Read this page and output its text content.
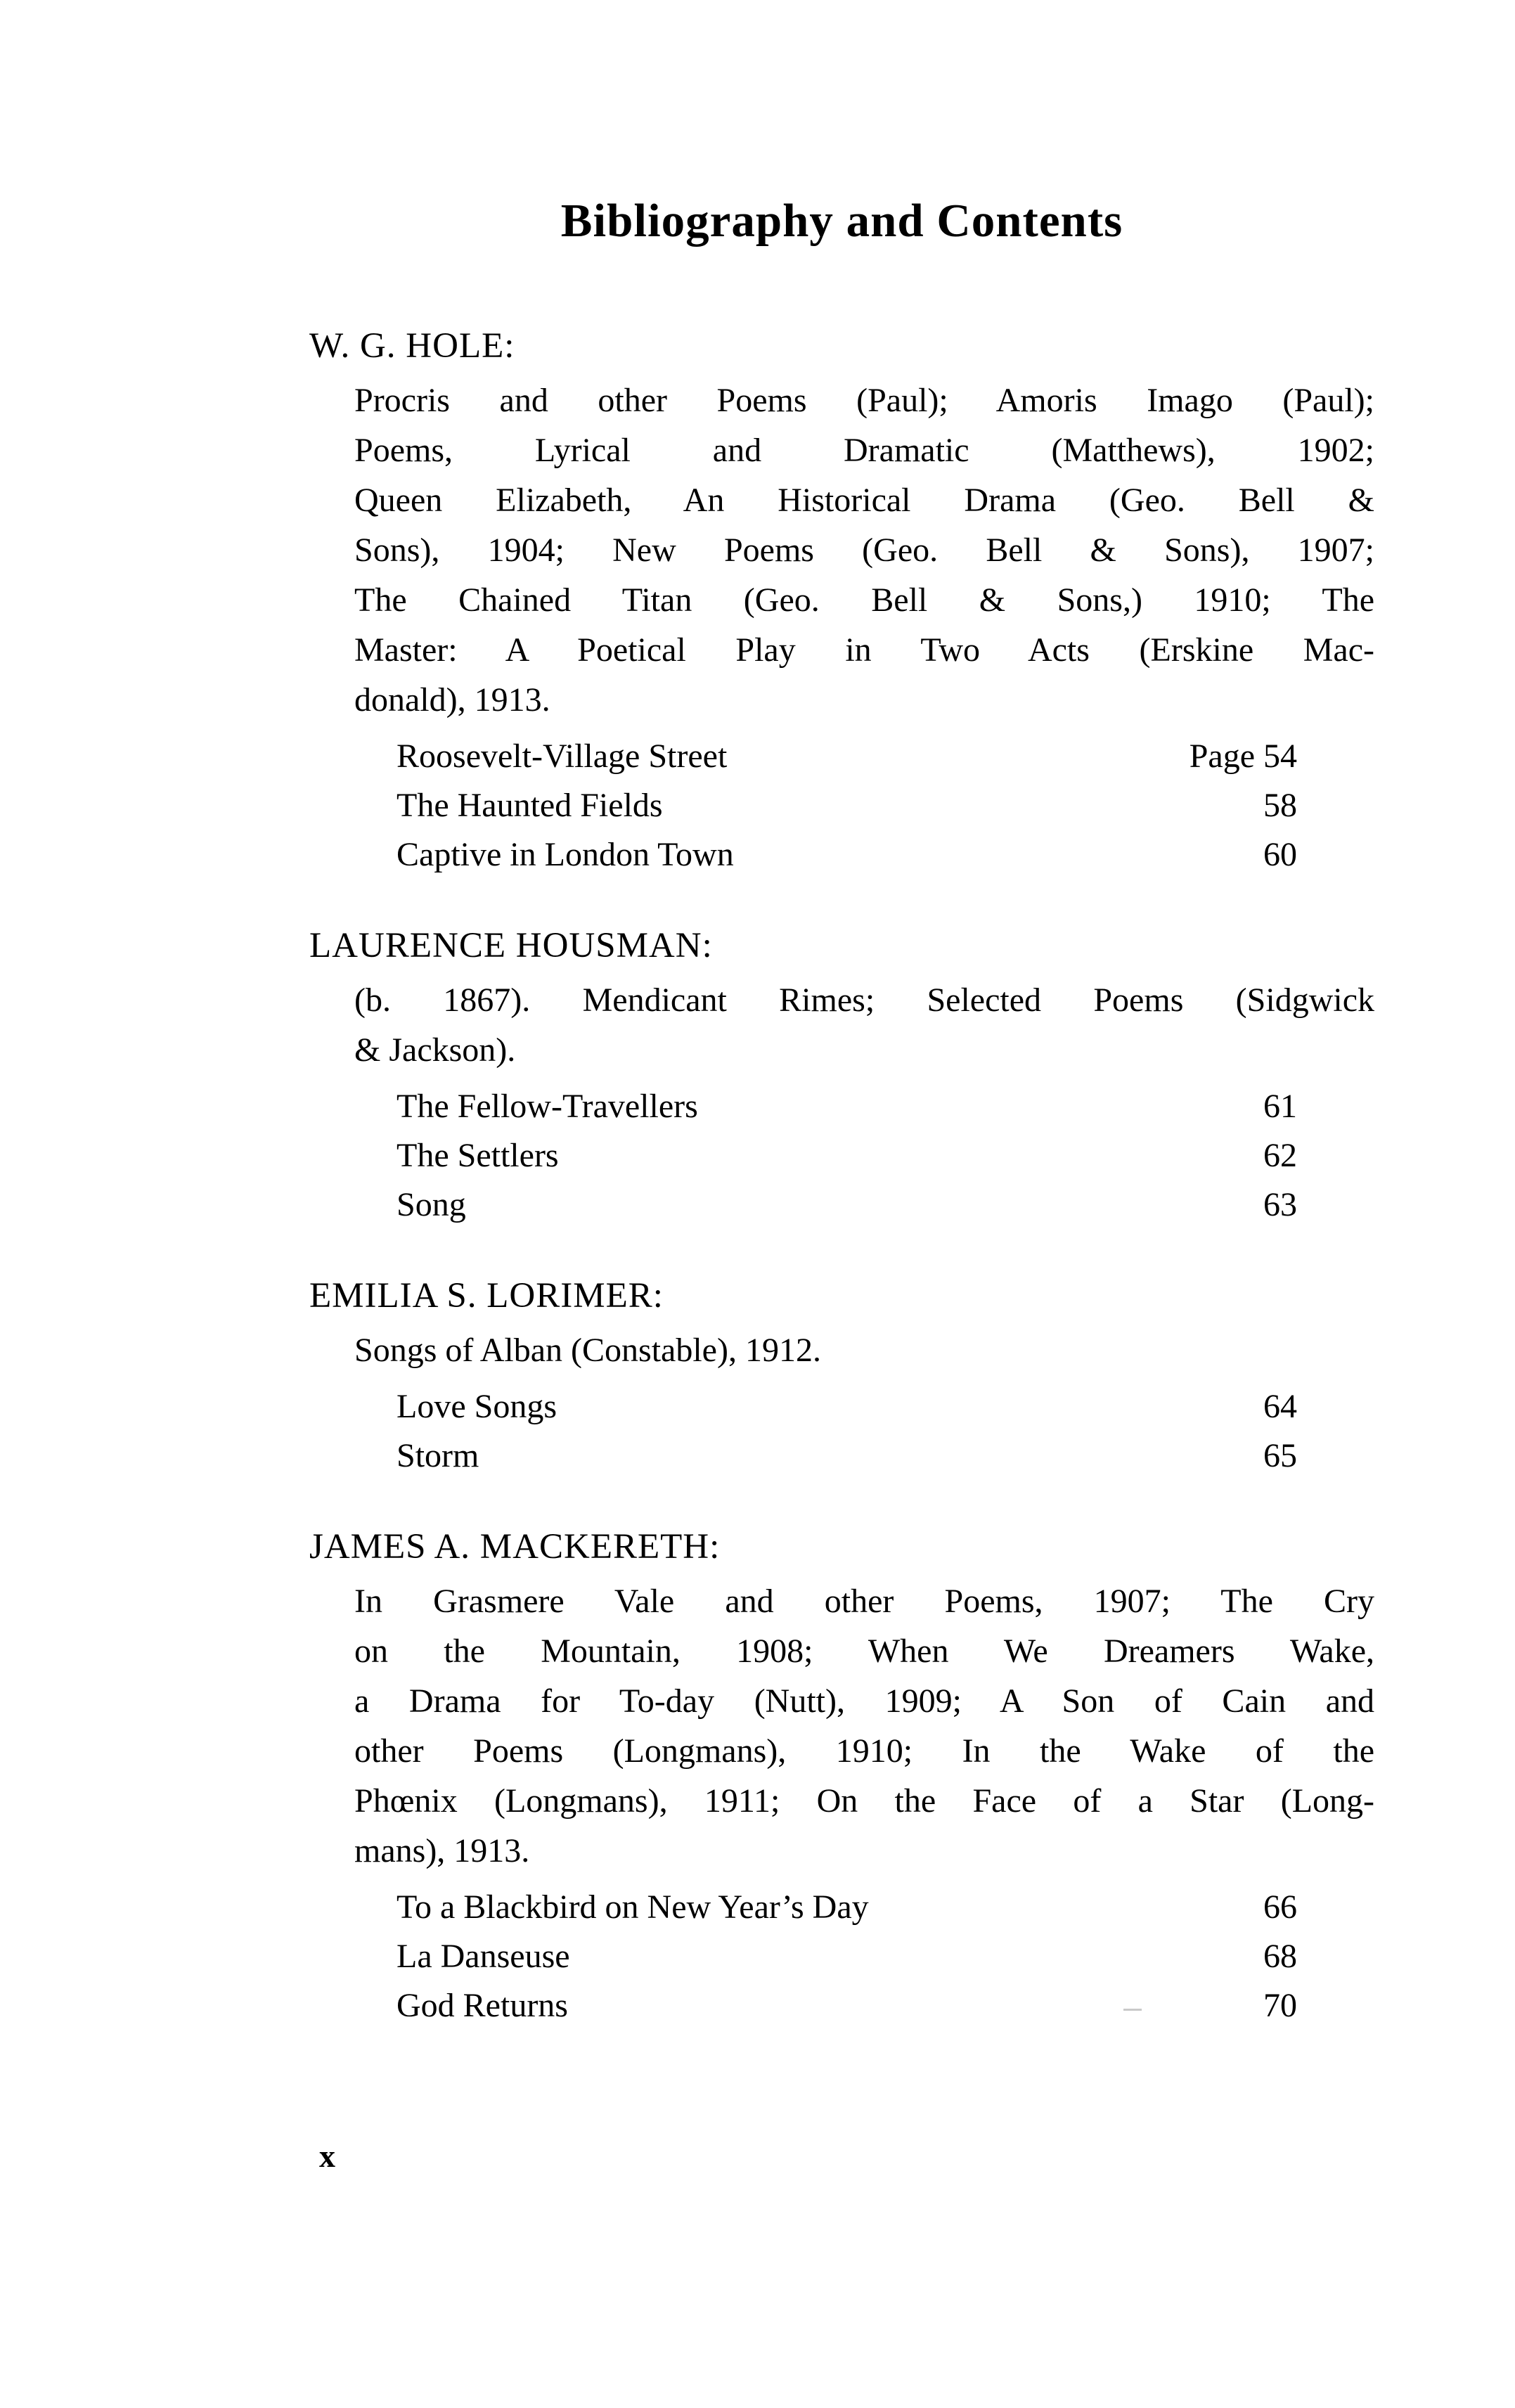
Bibliography and Contents
W. G. HOLE:
Procris and other Poems (Paul); Amoris Imago (Paul);
Poems, Lyrical and Dramatic (Matthews), 1902;
Queen Elizabeth, An Historical Drama (Geo. Bell &
Sons), 1904; New Poems (Geo. Bell & Sons), 1907;
The Chained Titan (Geo. Bell & Sons,) 1910; The
Master: A Poetical Play in Two Acts (Erskine Mac-
donald), 1913.
Roosevelt-Village Street	Page 54
The Haunted Fields	58
Captive in London Town	60
LAURENCE HOUSMAN:
(b. 1867). Mendicant Rimes; Selected Poems (Sidgwick
& Jackson).
The Fellow-Travellers	61
The Settlers	62
Song	63
EMILIA S. LORIMER:
Songs of Alban (Constable), 1912.
Love Songs	64
Storm	65
JAMES A. MACKERETH:
In Grasmere Vale and other Poems, 1907; The Cry
on the Mountain, 1908; When We Dreamers Wake,
a Drama for To-day (Nutt), 1909; A Son of Cain and
other Poems (Longmans), 1910; In the Wake of the
Phœnix (Longmans), 1911; On the Face of a Star (Long-
mans), 1913.
To a Blackbird on New Year’s Day	66
La Danseuse	68
God Returns	70
x
